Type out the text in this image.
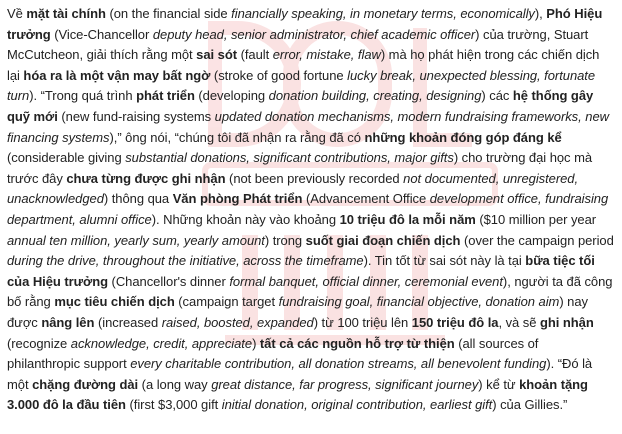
Về mặt tài chính (on the financial side financially speaking, in monetary terms, economically), Phó Hiệu trưởng (Vice-Chancellor deputy head, senior administrator, chief academic officer) của trường, Stuart McCutcheon, giải thích rằng một sai sót (fault error, mistake, flaw) mà họ phát hiện trong các chiến dịch lại hóa ra là một vận may bất ngờ (stroke of good fortune lucky break, unexpected blessing, fortunate turn). “Trong quá trình phát triển (developing donation building, creating, designing) các hệ thống gây quỹ mới (new fund-raising systems updated donation mechanisms, modern fundraising frameworks, new financing systems),” ông nói, “chúng tôi đã nhận ra rằng đã có những khoản đóng góp đáng kể (considerable giving substantial donations, significant contributions, major gifts) cho trường đại học mà trước đây chưa từng được ghi nhận (not been previously recorded not documented, unregistered, unacknowledged) thông qua Văn phòng Phát triển (Advancement Office development office, fundraising department, alumni office). Những khoản này vào khoảng 10 triệu đô la mỗi năm ($10 million per year annual ten million, yearly sum, yearly amount) trong suốt giai đoạn chiến dịch (over the campaign period during the drive, throughout the initiative, across the timeframe). Tin tốt từ sai sót này là tại bữa tiệc tối của Hiệu trưởng (Chancellor's dinner formal banquet, official dinner, ceremonial event), người ta đã công bố rằng mục tiêu chiến dịch (campaign target fundraising goal, financial objective, donation aim) nay được nâng lên (increased raised, boosted, expanded) từ 100 triệu lên 150 triệu đô la, và sẽ ghi nhận (recognize acknowledge, credit, appreciate) tất cả các nguồn hỗ trợ từ thiện (all sources of philanthropic support every charitable contribution, all donation streams, all benevolent funding). “Đó là một chặng đường dài (a long way great distance, far progress, significant journey) kể từ khoản tặng 3.000 đô la đầu tiên (first $3,000 gift initial donation, original contribution, earliest gift) của Gillies.”
